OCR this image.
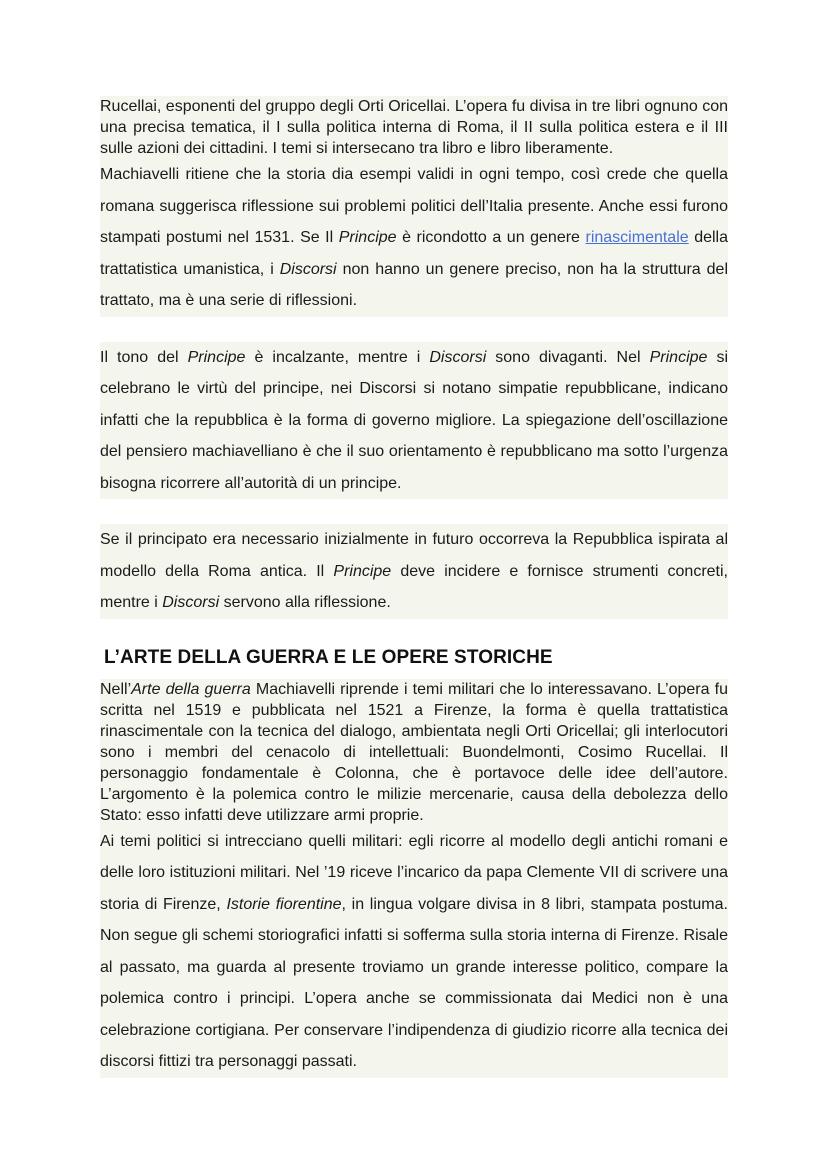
Rucellai, esponenti del gruppo degli Orti Oricellai. L’opera fu divisa in tre libri ognuno con una precisa tematica, il I sulla politica interna di Roma, il II sulla politica estera e il III sulle azioni dei cittadini. I temi si intersecano tra libro e libro liberamente.

Machiavelli ritiene che la storia dia esempi validi in ogni tempo, così crede che quella romana suggerisca riflessione sui problemi politici dell’Italia presente. Anche essi furono stampati postumi nel 1531. Se Il Principe è ricondotto a un genere rinascimentale della trattatistica umanistica, i Discorsi non hanno un genere preciso, non ha la struttura del trattato, ma è una serie di riflessioni.

Il tono del Principe è incalzante, mentre i Discorsi sono divaganti. Nel Principe si celebrano le virtù del principe, nei Discorsi si notano simpatie repubblicane, indicano infatti che la repubblica è la forma di governo migliore. La spiegazione dell’oscillazione del pensiero machiavelliano è che il suo orientamento è repubblicano ma sotto l’urgenza bisogna ricorrere all’autorità di un principe.

Se il principato era necessario inizialmente in futuro occorreva la Repubblica ispirata al modello della Roma antica. Il Principe deve incidere e fornisce strumenti concreti, mentre i Discorsi servono alla riflessione.

L’ARTE DELLA GUERRA E LE OPERE STORICHE

Nell’Arte della guerra Machiavelli riprende i temi militari che lo interessavano. L’opera fu scritta nel 1519 e pubblicata nel 1521 a Firenze, la forma è quella trattatistica rinascimentale con la tecnica del dialogo, ambientata negli Orti Oricellai; gli interlocutori sono i membri del cenacolo di intellettuali: Buondelmonti, Cosimo Rucellai. Il personaggio fondamentale è Colonna, che è portavoce delle idee dell’autore. L’argomento è la polemica contro le milizie mercenarie, causa della debolezza dello Stato: esso infatti deve utilizzare armi proprie.

Ai temi politici si intrecciano quelli militari: egli ricorre al modello degli antichi romani e delle loro istituzioni militari. Nel ’19 riceve l’incarico da papa Clemente VII di scrivere una storia di Firenze, Istorie fiorentine, in lingua volgare divisa in 8 libri, stampata postuma. Non segue gli schemi storiografici infatti si sofferma sulla storia interna di Firenze. Risale al passato, ma guarda al presente troviamo un grande interesse politico, compare la polemica contro i principi. L’opera anche se commissionata dai Medici non è una celebrazione cortigiana. Per conservare l’indipendenza di giudizio ricorre alla tecnica dei discorsi fittizi tra personaggi passati.
